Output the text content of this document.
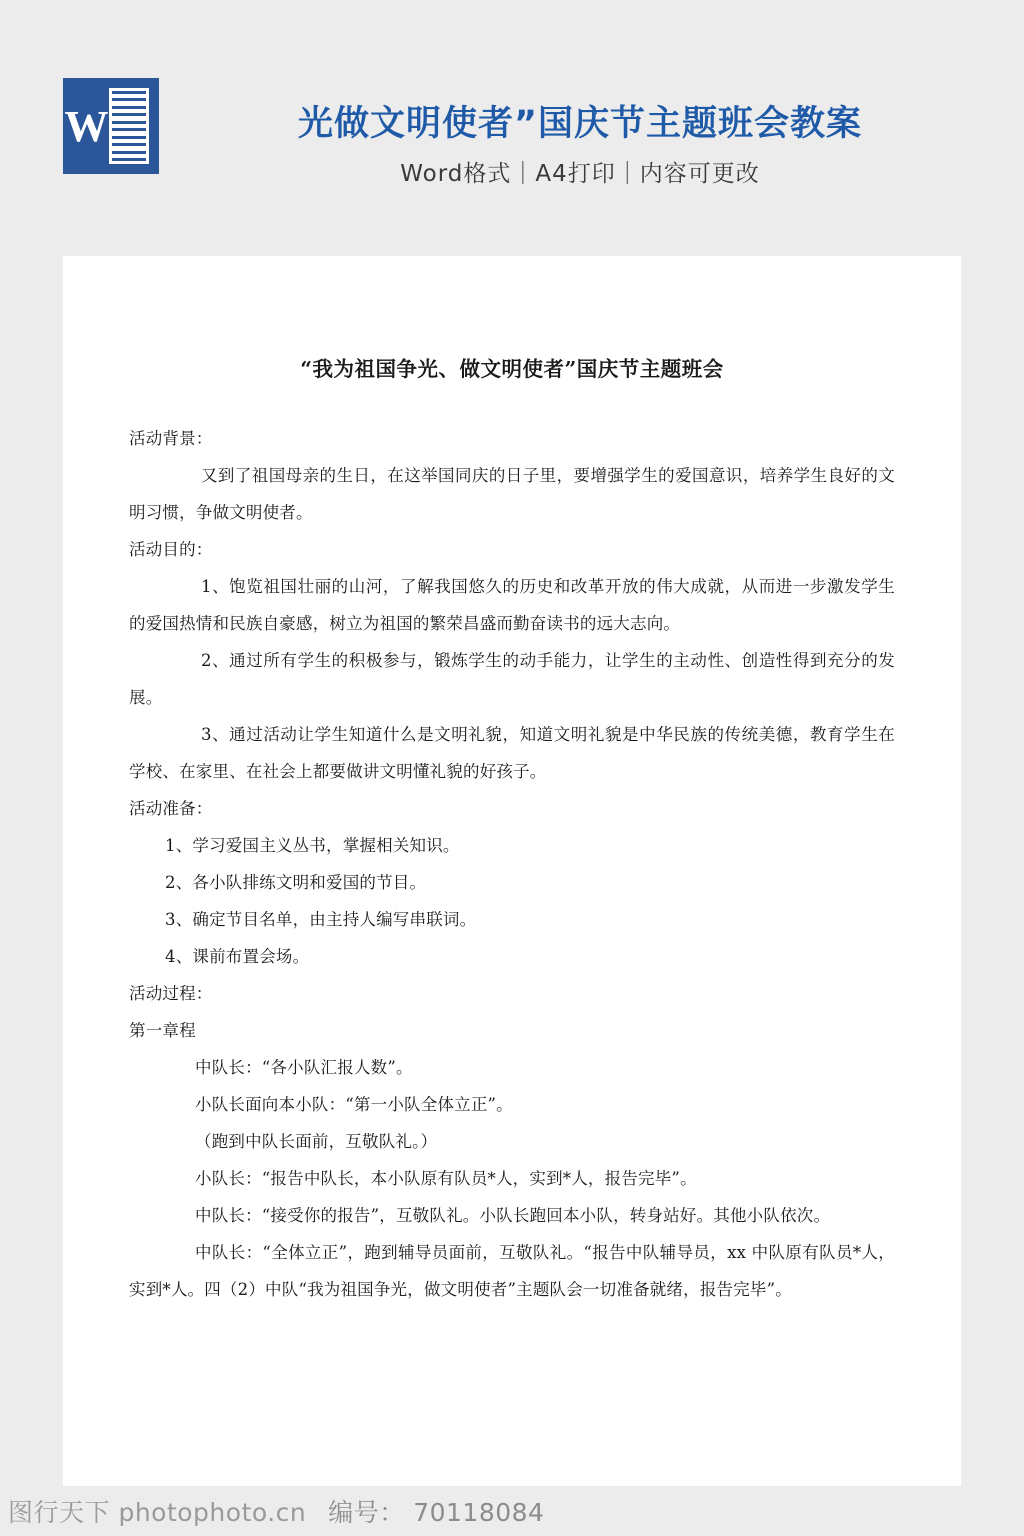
W	光做文明使者”国庆节主题班会教案
Word格式｜A4打印｜内容可更改
“我为祖国争光、做文明使者”国庆节主题班会

活动背景：

又到了祖国母亲的生日，在这举国同庆的日子里，要增强学生的爱国意识，培养学生良好的文明习惯，争做文明使者。

活动目的：

1、饱览祖国壮丽的山河，了解我国悠久的历史和改革开放的伟大成就，从而进一步激发学生的爱国热情和民族自豪感，树立为祖国的繁荣昌盛而勤奋读书的远大志向。

2、通过所有学生的积极参与，锻炼学生的动手能力，让学生的主动性、创造性得到充分的发展。

3、通过活动让学生知道什么是文明礼貌，知道文明礼貌是中华民族的传统美德，教育学生在学校、在家里、在社会上都要做讲文明懂礼貌的好孩子。

活动准备：

1、学习爱国主义丛书，掌握相关知识。

2、各小队排练文明和爱国的节目。

3、确定节目名单，由主持人编写串联词。

4、课前布置会场。

活动过程：

第一章程

中队长：“各小队汇报人数”。

小队长面向本小队：“第一小队全体立正”。

（跑到中队长面前，互敬队礼。）

小队长：“报告中队长，本小队原有队员*人，实到*人，报告完毕”。

中队长：“接受你的报告”，互敬队礼。小队长跑回本小队，转身站好。其他小队依次。

中队长：“全体立正”，跑到辅导员面前，互敬队礼。“报告中队辅导员，xx 中队原有队员*人，实到*人。四（2）中队“我为祖国争光，做文明使者”主题队会一切准备就绪，报告完毕”。

图行天下 photophoto.cn 编号： 70118084
